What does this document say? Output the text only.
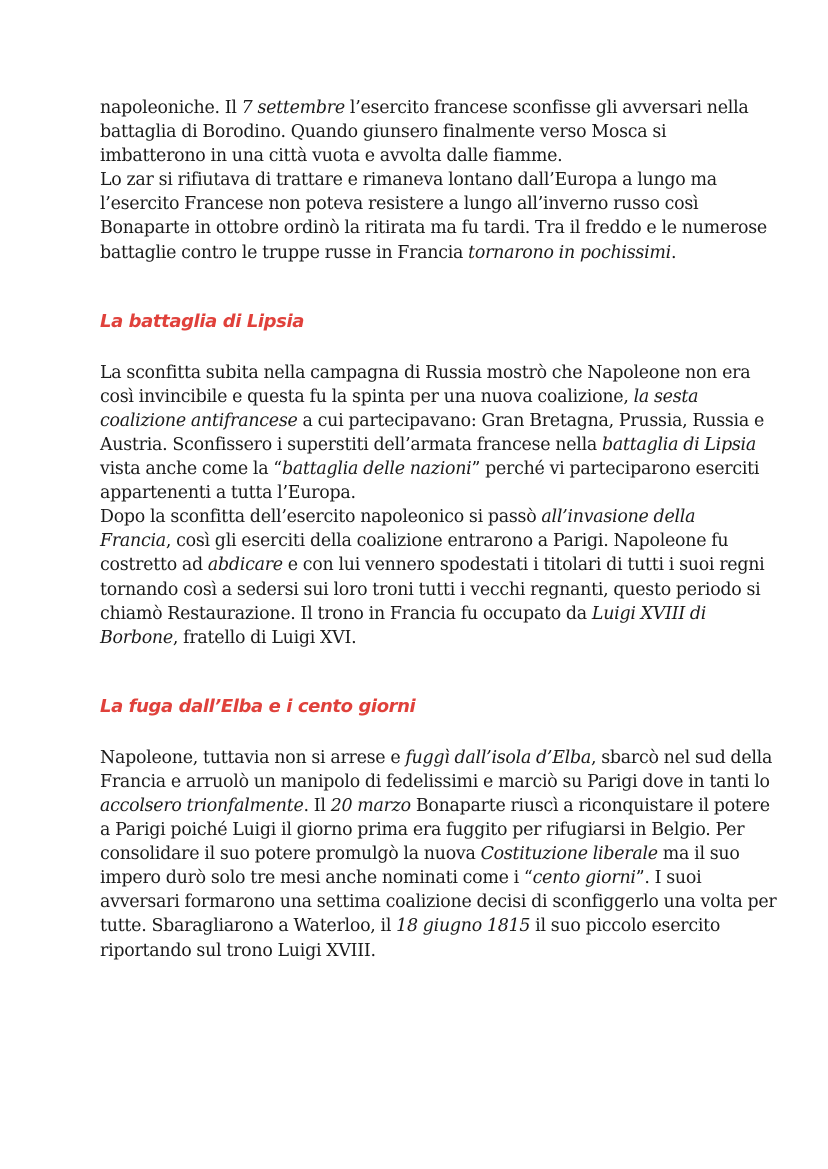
napoleoniche. Il 7 settembre l’esercito francese sconfisse gli avversari nella
battaglia di Borodino. Quando giunsero finalmente verso Mosca si
imbatterono in una città vuota e avvolta dalle fiamme.
Lo zar si rifiutava di trattare e rimaneva lontano dall’Europa a lungo ma
l’esercito Francese non poteva resistere a lungo all’inverno russo così
Bonaparte in ottobre ordinò la ritirata ma fu tardi. Tra il freddo e le numerose
battaglie contro le truppe russe in Francia tornarono in pochissimi.

La battaglia di Lipsia

La sconfitta subita nella campagna di Russia mostrò che Napoleone non era
così invincibile e questa fu la spinta per una nuova coalizione, la sesta
coalizione antifrancese a cui partecipavano: Gran Bretagna, Prussia, Russia e
Austria. Sconfissero i superstiti dell’armata francese nella battaglia di Lipsia
vista anche come la “battaglia delle nazioni” perché vi parteciparono eserciti
appartenenti a tutta l’Europa.
Dopo la sconfitta dell’esercito napoleonico si passò all’invasione della
Francia, così gli eserciti della coalizione entrarono a Parigi. Napoleone fu
costretto ad abdicare e con lui vennero spodestati i titolari di tutti i suoi regni
tornando così a sedersi sui loro troni tutti i vecchi regnanti, questo periodo si
chiamò Restaurazione. Il trono in Francia fu occupato da Luigi XVIII di
Borbone, fratello di Luigi XVI.

La fuga dall’Elba e i cento giorni

Napoleone, tuttavia non si arrese e fuggì dall’isola d’Elba, sbarcò nel sud della
Francia e arruolò un manipolo di fedelissimi e marciò su Parigi dove in tanti lo
accolsero trionfalmente. Il 20 marzo Bonaparte riuscì a riconquistare il potere
a Parigi poiché Luigi il giorno prima era fuggito per rifugiarsi in Belgio. Per
consolidare il suo potere promulgò la nuova Costituzione liberale ma il suo
impero durò solo tre mesi anche nominati come i “cento giorni”. I suoi
avversari formarono una settima coalizione decisi di sconfiggerlo una volta per
tutte. Sbaragliarono a Waterloo, il 18 giugno 1815 il suo piccolo esercito
riportando sul trono Luigi XVIII.
